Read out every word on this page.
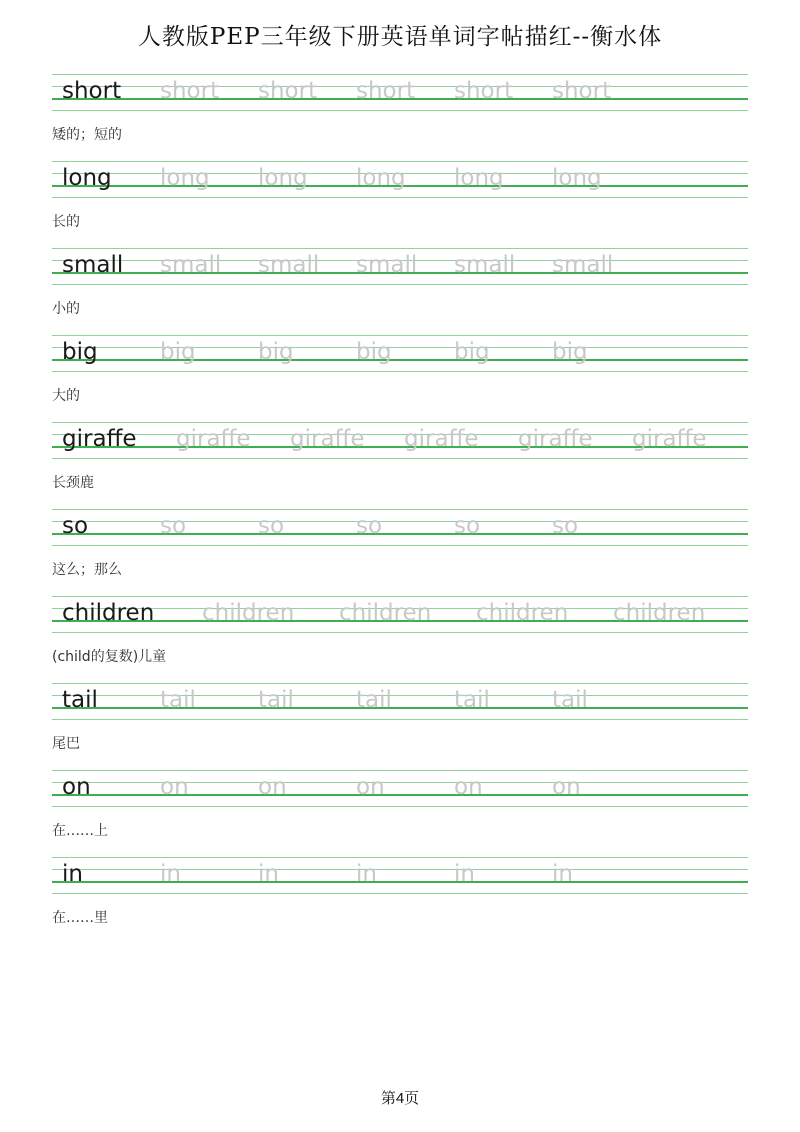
人教版PEP三年级下册英语单词字帖描红--衡水体
short short short short short short
矮的；短的
long long long long long long
长的
small small small small small small
小的
big	big	big	big	big	big
大的
giraffe giraffe giraffe giraffe giraffe giraffe
长颈鹿
so	so	so	so	so	so
这么；那么
children children children children children
(child的复数)儿童
tail	tail	tail	tail	tail	tail
尾巴
on	on	on	on	on	on
在……上
in	in	in	in	in	in
在……里
第4页
